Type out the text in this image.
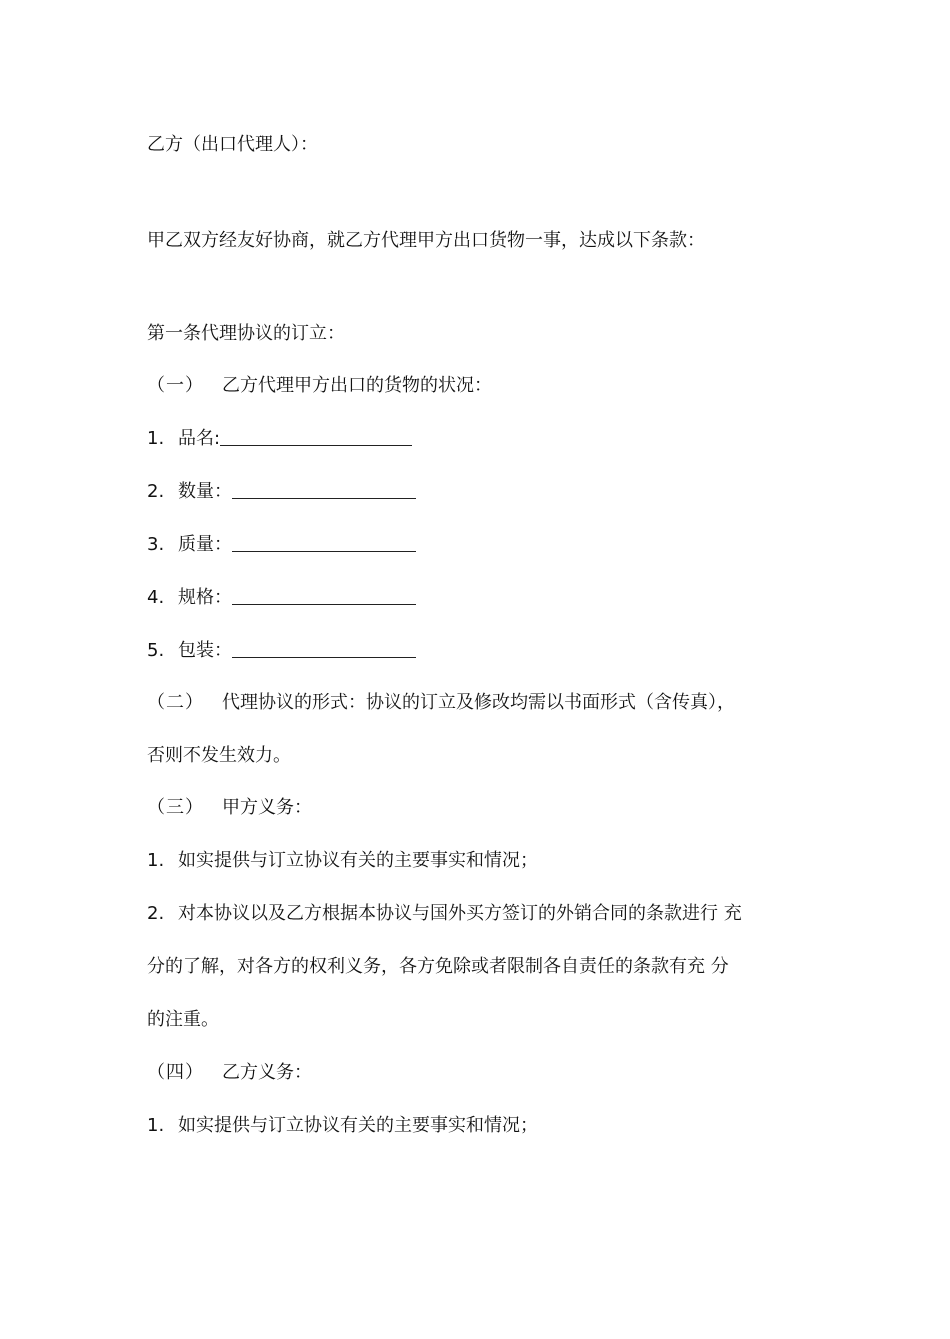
乙方（出口代理人）：
甲乙双方经友好协商，就乙方代理甲方出口货物一事，达成以下条款：
第一条代理协议的订立：
（一） 乙方代理甲方出口的货物的状况：
1. 品名:
2. 数量：
3. 质量：
4. 规格：
5. 包装：
（二） 代理协议的形式：协议的订立及修改均需以书面形式（含传真），
否则不发生效力。
（三） 甲方义务：
1. 如实提供与订立协议有关的主要事实和情况；
2. 对本协议以及乙方根据本协议与国外买方签订的外销合同的条款进行 充
分的了解，对各方的权利义务，各方免除或者限制各自责任的条款有充 分
的注重。
（四） 乙方义务：
1. 如实提供与订立协议有关的主要事实和情况；
